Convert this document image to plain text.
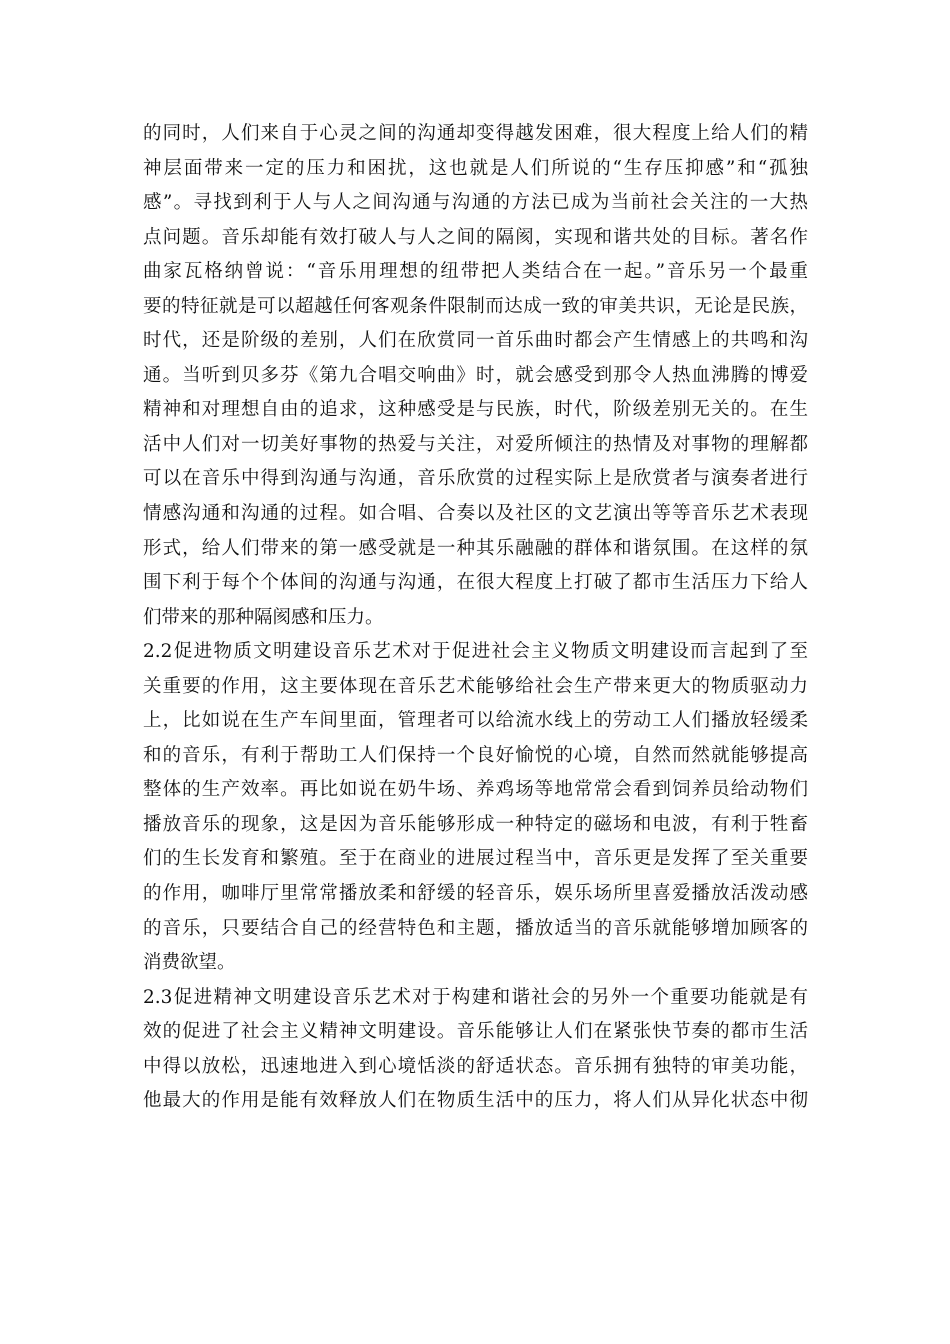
的同时，人们来自于心灵之间的沟通却变得越发困难，很大程度上给人们的精
神层面带来一定的压力和困扰，这也就是人们所说的“生存压抑感”和“孤独
感”。寻找到利于人与人之间沟通与沟通的方法已成为当前社会关注的一大热
点问题。音乐却能有效打破人与人之间的隔阂，实现和谐共处的目标。著名作
曲家瓦格纳曾说：“音乐用理想的纽带把人类结合在一起。”音乐另一个最重
要的特征就是可以超越任何客观条件限制而达成一致的审美共识，无论是民族，
时代，还是阶级的差别，人们在欣赏同一首乐曲时都会产生情感上的共鸣和沟
通。当听到贝多芬《第九合唱交响曲》时，就会感受到那令人热血沸腾的博爱
精神和对理想自由的追求，这种感受是与民族，时代，阶级差别无关的。在生
活中人们对一切美好事物的热爱与关注，对爱所倾注的热情及对事物的理解都
可以在音乐中得到沟通与沟通，音乐欣赏的过程实际上是欣赏者与演奏者进行
情感沟通和沟通的过程。如合唱、合奏以及社区的文艺演出等等音乐艺术表现
形式，给人们带来的第一感受就是一种其乐融融的群体和谐氛围。在这样的氛
围下利于每个个体间的沟通与沟通，在很大程度上打破了都市生活压力下给人
们带来的那种隔阂感和压力。
2.2促进物质文明建设音乐艺术对于促进社会主义物质文明建设而言起到了至
关重要的作用，这主要体现在音乐艺术能够给社会生产带来更大的物质驱动力
上，比如说在生产车间里面，管理者可以给流水线上的劳动工人们播放轻缓柔
和的音乐，有利于帮助工人们保持一个良好愉悦的心境，自然而然就能够提高
整体的生产效率。再比如说在奶牛场、养鸡场等地常常会看到饲养员给动物们
播放音乐的现象，这是因为音乐能够形成一种特定的磁场和电波，有利于牲畜
们的生长发育和繁殖。至于在商业的进展过程当中，音乐更是发挥了至关重要
的作用，咖啡厅里常常播放柔和舒缓的轻音乐，娱乐场所里喜爱播放活泼动感
的音乐，只要结合自己的经营特色和主题，播放适当的音乐就能够增加顾客的
消费欲望。
2.3促进精神文明建设音乐艺术对于构建和谐社会的另外一个重要功能就是有
效的促进了社会主义精神文明建设。音乐能够让人们在紧张快节奏的都市生活
中得以放松，迅速地进入到心境恬淡的舒适状态。音乐拥有独特的审美功能，
他最大的作用是能有效释放人们在物质生活中的压力，将人们从异化状态中彻
